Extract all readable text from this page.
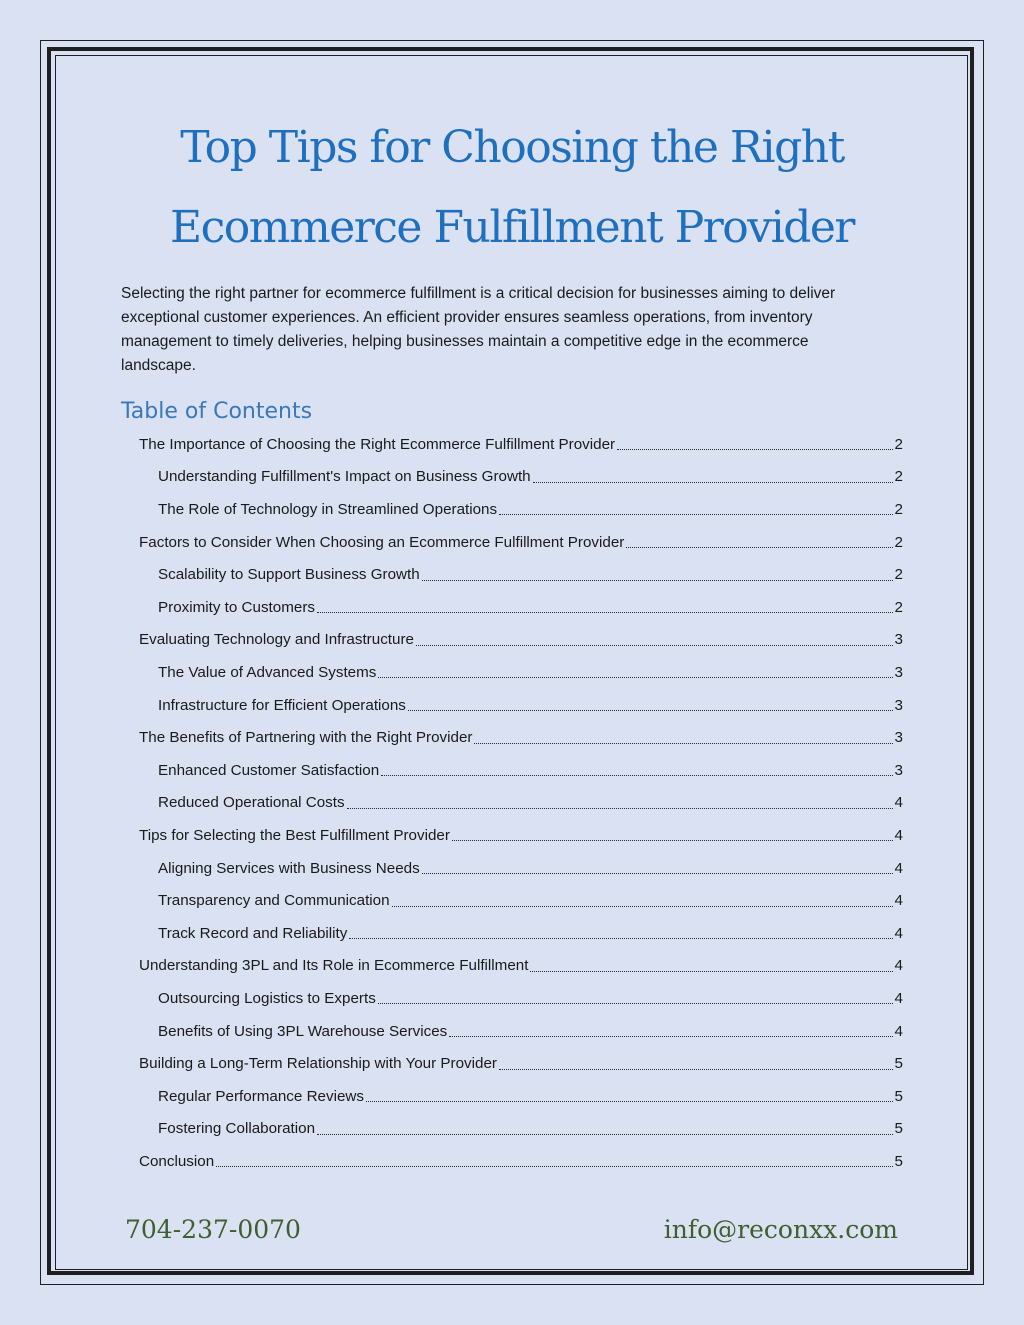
Top Tips for Choosing the Right
Ecommerce Fulfillment Provider

Selecting the right partner for ecommerce fulfillment is a critical decision for businesses aiming to deliver exceptional customer experiences. An efficient provider ensures seamless operations, from inventory management to timely deliveries, helping businesses maintain a competitive edge in the ecommerce landscape.

Table of Contents
The Importance of Choosing the Right Ecommerce Fulfillment Provider	2
Understanding Fulfillment's Impact on Business Growth	2
The Role of Technology in Streamlined Operations	2
Factors to Consider When Choosing an Ecommerce Fulfillment Provider	2
Scalability to Support Business Growth	2
Proximity to Customers	2
Evaluating Technology and Infrastructure	3
The Value of Advanced Systems	3
Infrastructure for Efficient Operations	3
The Benefits of Partnering with the Right Provider	3
Enhanced Customer Satisfaction	3
Reduced Operational Costs	4
Tips for Selecting the Best Fulfillment Provider	4
Aligning Services with Business Needs	4
Transparency and Communication	4
Track Record and Reliability	4
Understanding 3PL and Its Role in Ecommerce Fulfillment	4
Outsourcing Logistics to Experts	4
Benefits of Using 3PL Warehouse Services	4
Building a Long-Term Relationship with Your Provider	5
Regular Performance Reviews	5
Fostering Collaboration	5
Conclusion	5
704-237-0070	info@reconxx.com
